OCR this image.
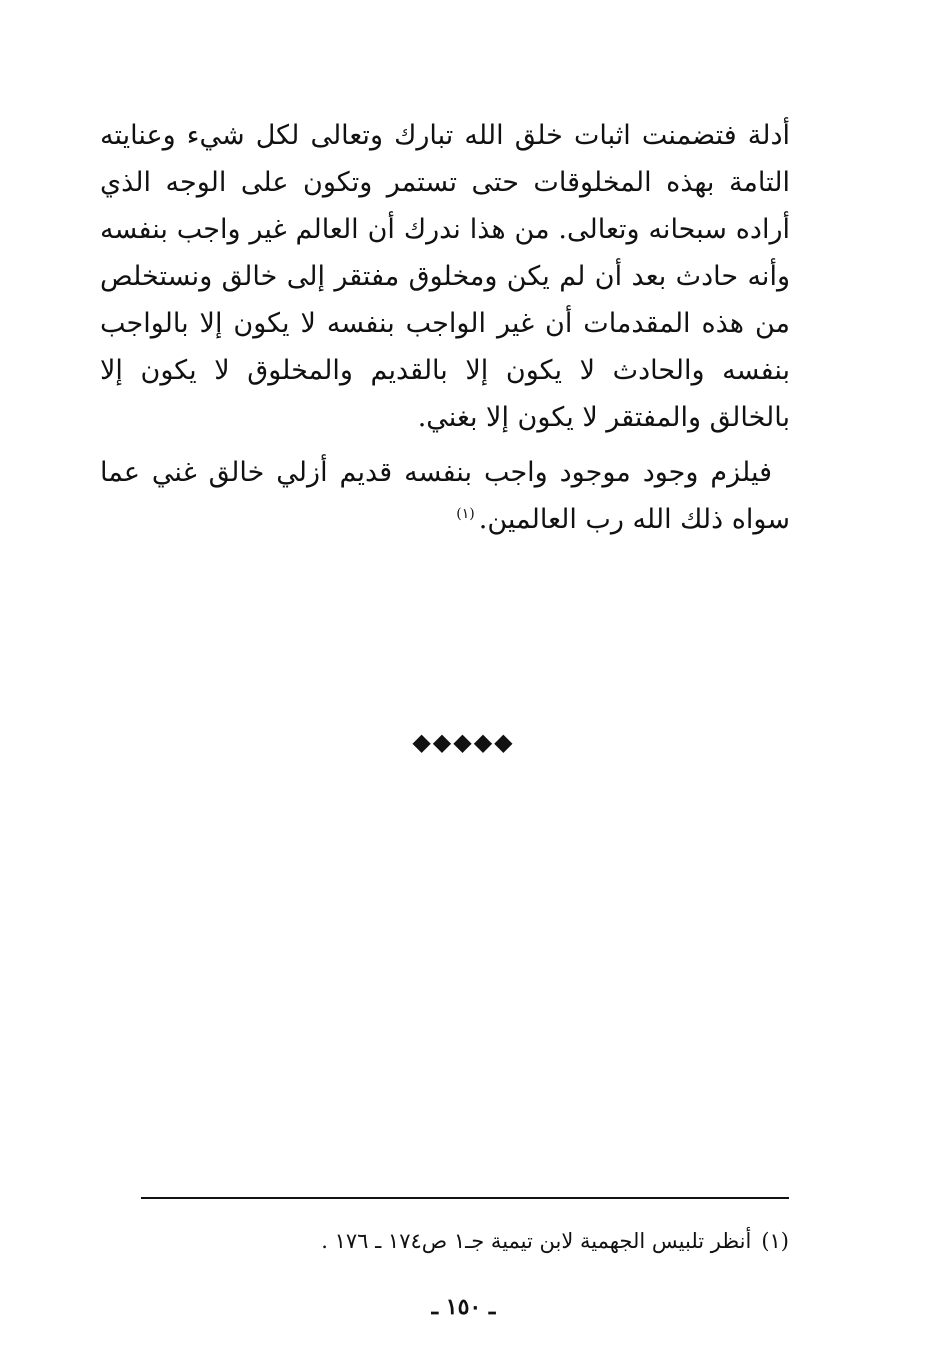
أدلة فتضمنت اثبات خلق الله تبارك وتعالى لكل شيء وعنايته التامة بهذه المخلوقات حتى تستمر وتكون على الوجه الذي أراده سبحانه وتعالى. من هذا ندرك أن العالم غير واجب بنفسه وأنه حادث بعد أن لم يكن ومخلوق مفتقر إلى خالق ونستخلص من هذه المقدمات أن غير الواجب بنفسه لا يكون إلا بالواجب بنفسه والحادث لا يكون إلا بالقديم والمخلوق لا يكون إلا بالخالق والمفتقر لا يكون إلا بغني.

فيلزم وجود موجود واجب بنفسه قديم أزلي خالق غني عما سواه ذلك الله رب العالمين.$^{(١)}$

◆◆◆◆◆
(١)أنظر تلبيس الجهمية لابن تيمية جـ١ ص١٧٤ ـ ١٧٦ .
ـ ١٥٠ ـ
